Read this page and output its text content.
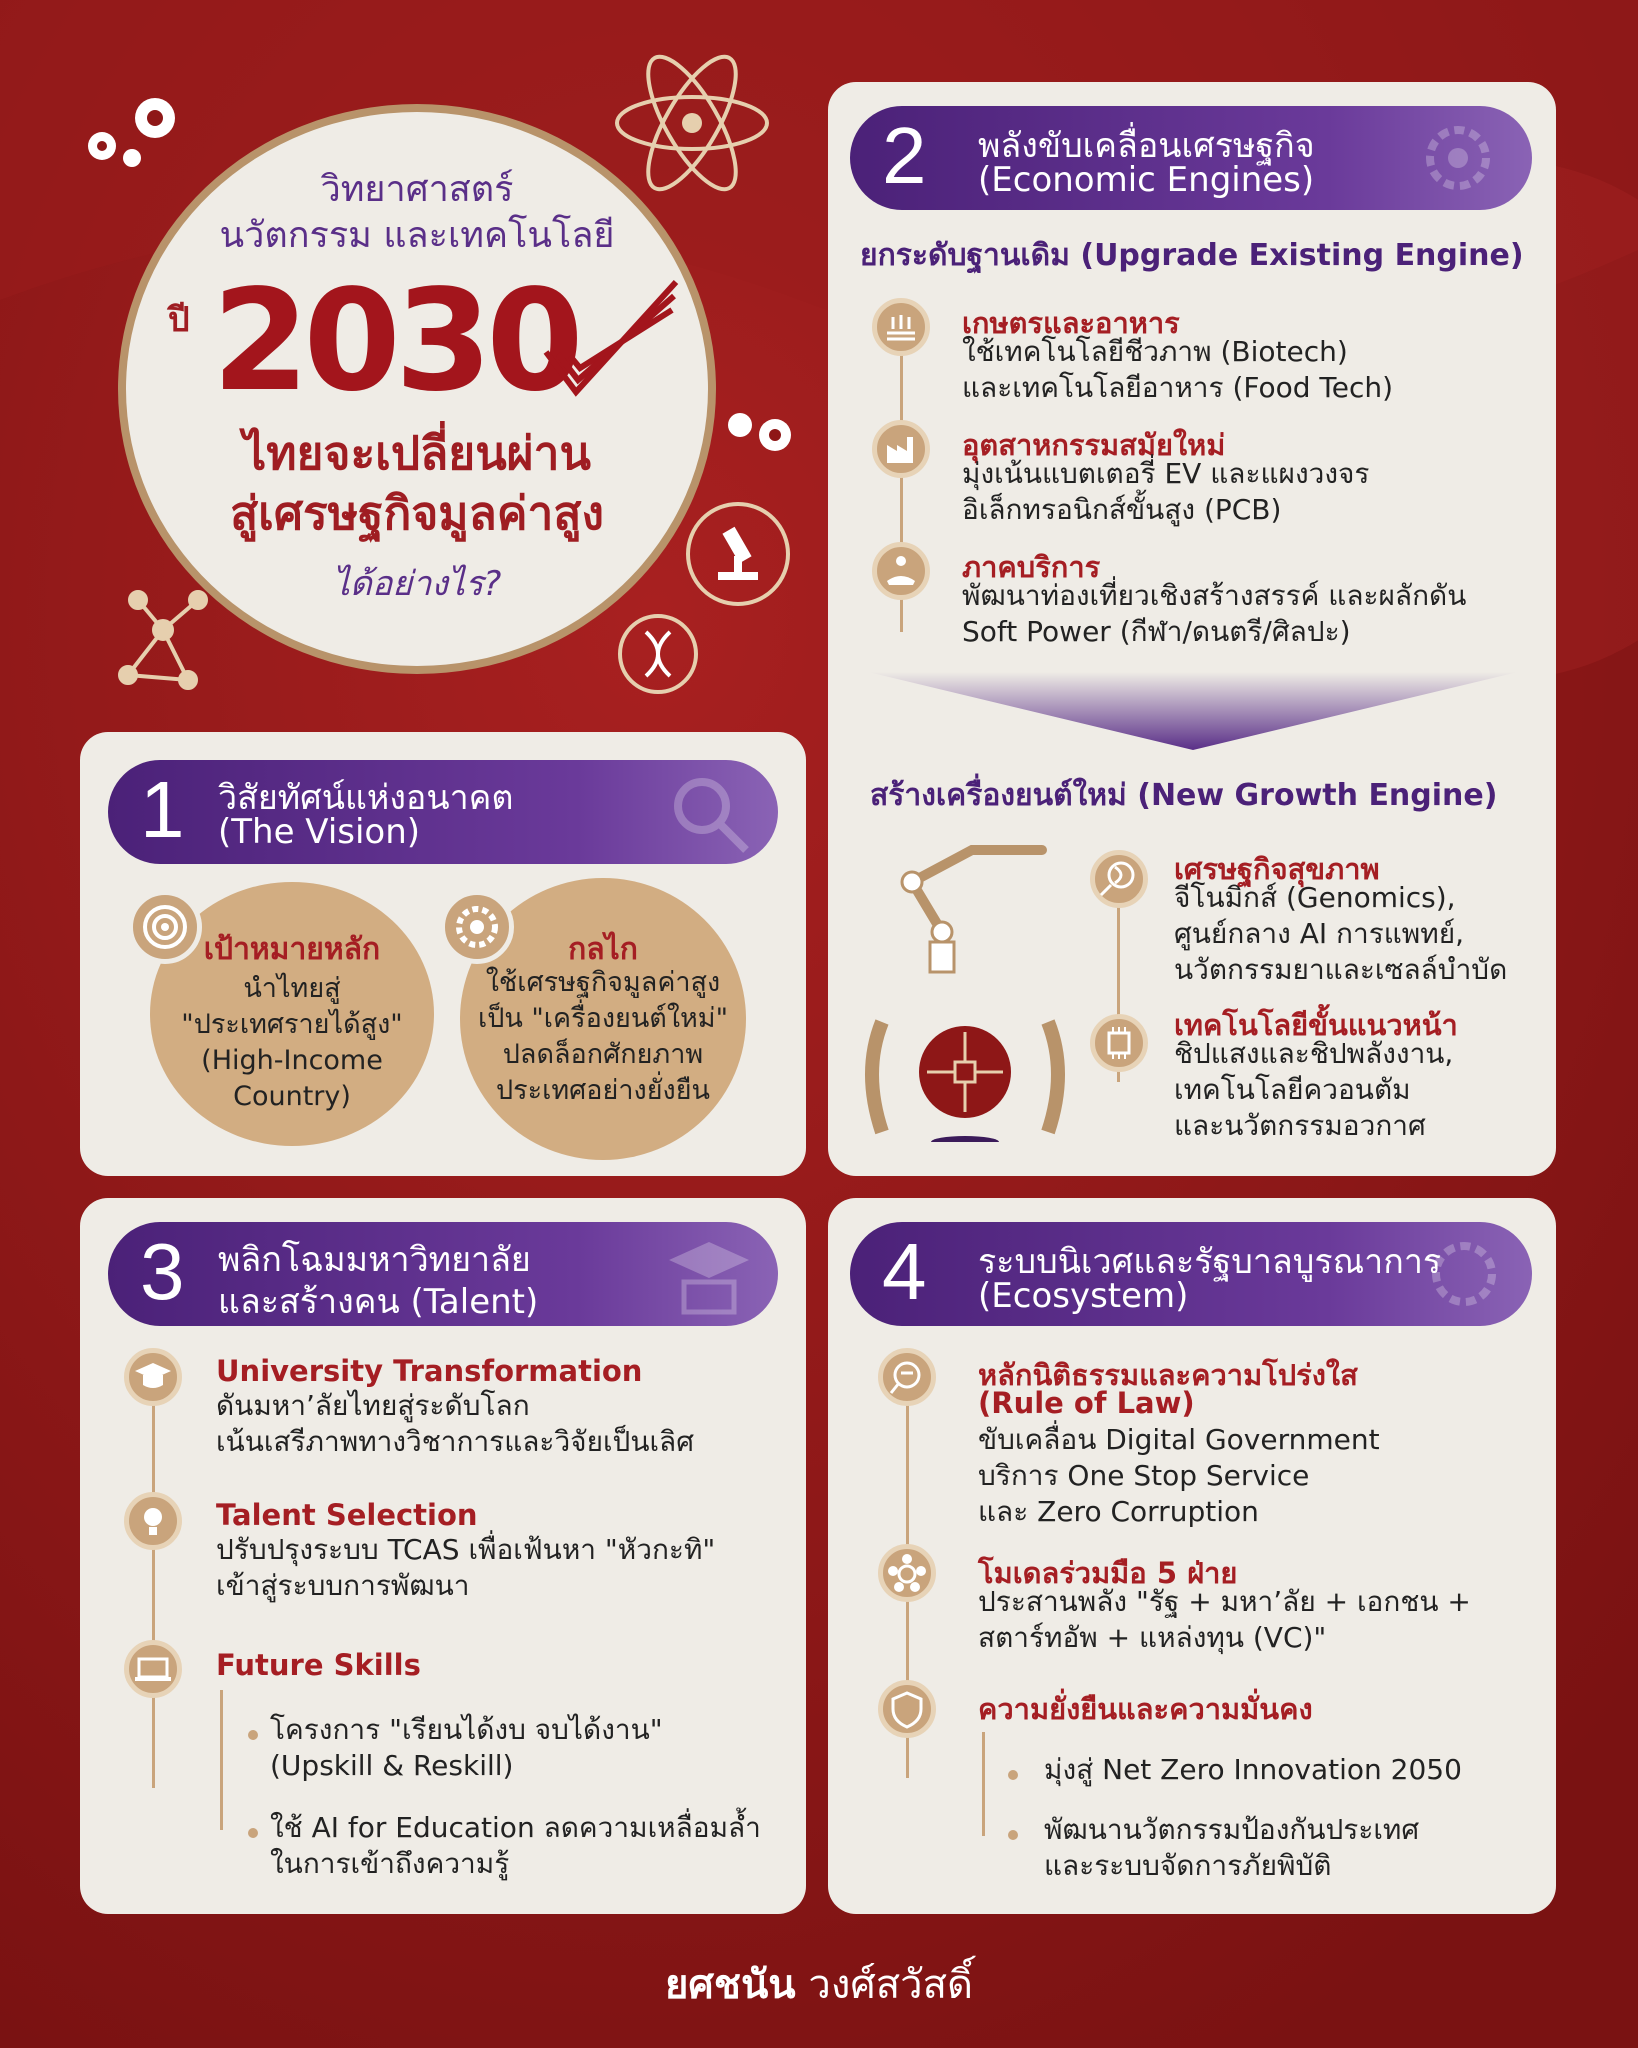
วิทยาศาสตร์
นวัตกรรม และเทคโนโลยี
ปี 2030
ไทยจะเปลี่ยนผ่าน
สู่เศรษฐกิจมูลค่าสูง
ได้อย่างไร?
1 วิสัยทัศน์แห่งอนาคต
(The Vision)
เป้าหมายหลัก
นำไทยสู่
"ประเทศรายได้สูง"
(High-Income
Country)
กลไก
ใช้เศรษฐกิจมูลค่าสูง
เป็น "เครื่องยนต์ใหม่"
ปลดล็อกศักยภาพ
ประเทศอย่างยั่งยืน
2 พลังขับเคลื่อนเศรษฐกิจ
(Economic Engines)
ยกระดับฐานเดิม (Upgrade Existing Engine)
เกษตรและอาหาร
ใช้เทคโนโลยีชีวภาพ (Biotech)
และเทคโนโลยีอาหาร (Food Tech)
อุตสาหกรรมสมัยใหม่
มุ่งเน้นแบตเตอรี่ EV และแผงวงจร
อิเล็กทรอนิกส์ขั้นสูง (PCB)
ภาคบริการ
พัฒนาท่องเที่ยวเชิงสร้างสรรค์ และผลักดัน
Soft Power (กีฬา/ดนตรี/ศิลปะ)
สร้างเครื่องยนต์ใหม่ (New Growth Engine)
เศรษฐกิจสุขภาพ
จีโนมิกส์ (Genomics),
ศูนย์กลาง AI การแพทย์,
นวัตกรรมยาและเซลล์บำบัด
เทคโนโลยีขั้นแนวหน้า
ชิปแสงและชิปพลังงาน,
เทคโนโลยีควอนตัม
และนวัตกรรมอวกาศ
3 พลิกโฉมมหาวิทยาลัย
และสร้างคน (Talent)
University Transformation
ดันมหา’ลัยไทยสู่ระดับโลก
เน้นเสรีภาพทางวิชาการและวิจัยเป็นเลิศ
Talent Selection
ปรับปรุงระบบ TCAS เพื่อเฟ้นหา "หัวกะทิ"
เข้าสู่ระบบการพัฒนา
Future Skills
โครงการ "เรียนได้งบ จบได้งาน"
(Upskill & Reskill)
ใช้ AI for Education ลดความเหลื่อมล้ำ
ในการเข้าถึงความรู้
4 ระบบนิเวศและรัฐบาลบูรณาการ
(Ecosystem)
หลักนิติธรรมและความโปร่งใส
(Rule of Law)
ขับเคลื่อน Digital Government
บริการ One Stop Service
และ Zero Corruption
โมเดลร่วมมือ 5 ฝ่าย
ประสานพลัง "รัฐ + มหา’ลัย + เอกชน +
สตาร์ทอัพ + แหล่งทุน (VC)"
ความยั่งยืนและความมั่นคง
มุ่งสู่ Net Zero Innovation 2050
พัฒนานวัตกรรมป้องกันประเทศ
และระบบจัดการภัยพิบัติ
ยศชนัน วงศ์สวัสดิ์
